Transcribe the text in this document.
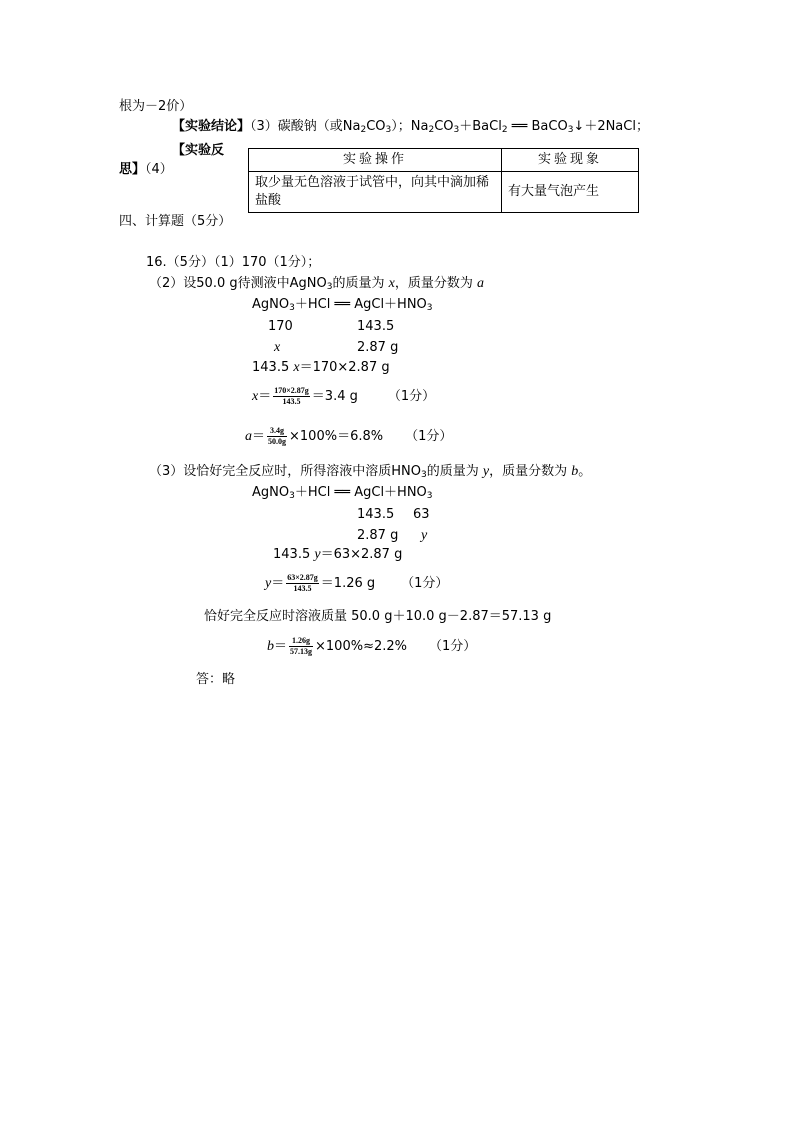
根为－2价）
【实验结论】（3）碳酸钠（或$Na_2CO_3$）；$Na_2CO_3+BaCl_2$ ══ BaCO$_3$↓＋2NaCl；
【实验反
思】（4）
实验操作	实验现象
取少量无色溶液于试管中，向其中滴加稀盐酸	有大量气泡产生
四、计算题（5分）
16.（5分）（1）170（1分）；
（2）设50.0 g待测液中AgNO$_3$的质量为 x，质量分数为 a
AgNO$_3$＋HCl ══ $AgCl+HNO_3$
170	143.5
x	2.87 g
143.5 x＝170×2.87 g
$x= \frac{170\times 2.87g}{143.5} =3.4$ g （1分）
$a= \frac{3.4g}{50.0g} \times 100\%=6.8\%$ （1分）
（3）设恰好完全反应时，所得溶液中溶质$HNO_3$的质量为 y，质量分数为 b。
AgNO$_3$＋HCl ══ $AgCl+HNO_3$
143.5 63
2.87 g y
143.5 y＝63×2.87 g
$y= \frac{63\times 2.87g}{143.5} =1.26$ g （1分）
恰好完全反应时溶液质量 50.0 g＋10.0 g－2.87＝57.13 g
$b= \frac{1.26g}{57.13g} \times 100\%\approx 2.2\%$ （1分）
答：略
